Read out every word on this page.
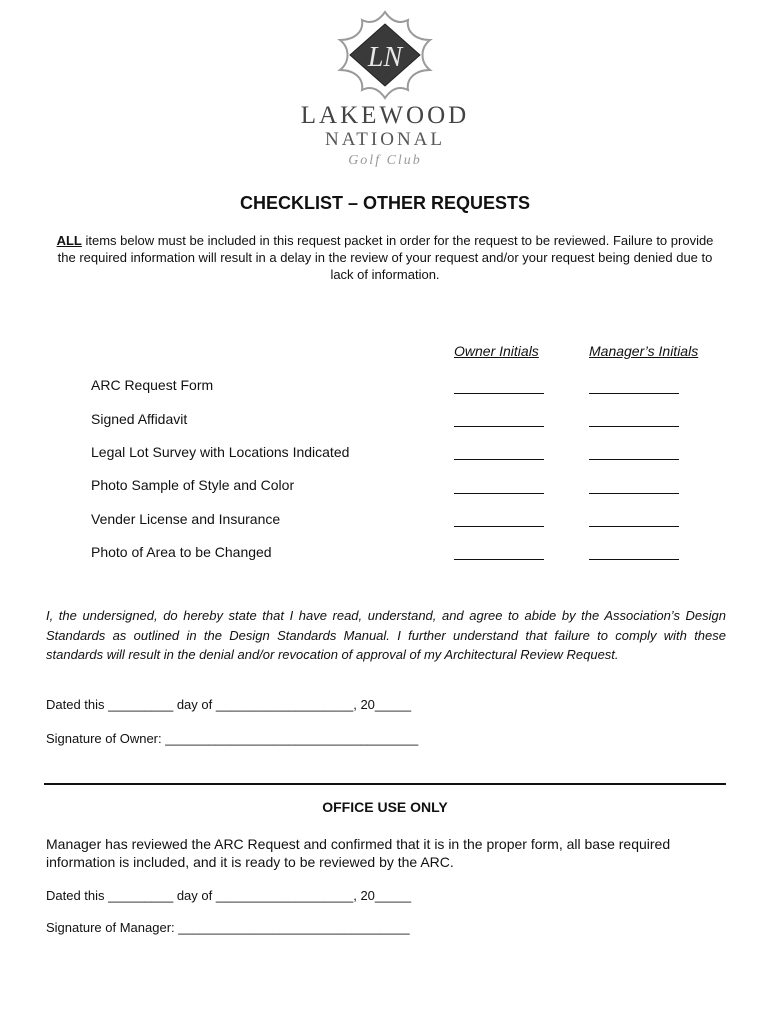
LN
LAKEWOOD
NATIONAL
Golf Club
CHECKLIST – OTHER REQUESTS
ALL items below must be included in this request packet in order for the request to be reviewed. Failure to provide the required information will result in a delay in the review of your request and/or your request being denied due to lack of information.
Owner Initials	Manager’s Initials
ARC Request Form
Signed Affidavit
Legal Lot Survey with Locations Indicated
Photo Sample of Style and Color
Vender License and Insurance
Photo of Area to be Changed
I, the undersigned, do hereby state that I have read, understand, and agree to abide by the Association’s Design Standards as outlined in the Design Standards Manual. I further understand that failure to comply with these standards will result in the denial and/or revocation of approval of my Architectural Review Request.
Dated this _________ day of ___________________, 20_____
Signature of Owner: ___________________________________
OFFICE USE ONLY
Manager has reviewed the ARC Request and confirmed that it is in the proper form, all base required information is included, and it is ready to be reviewed by the ARC.
Dated this _________ day of ___________________, 20_____
Signature of Manager: ________________________________
